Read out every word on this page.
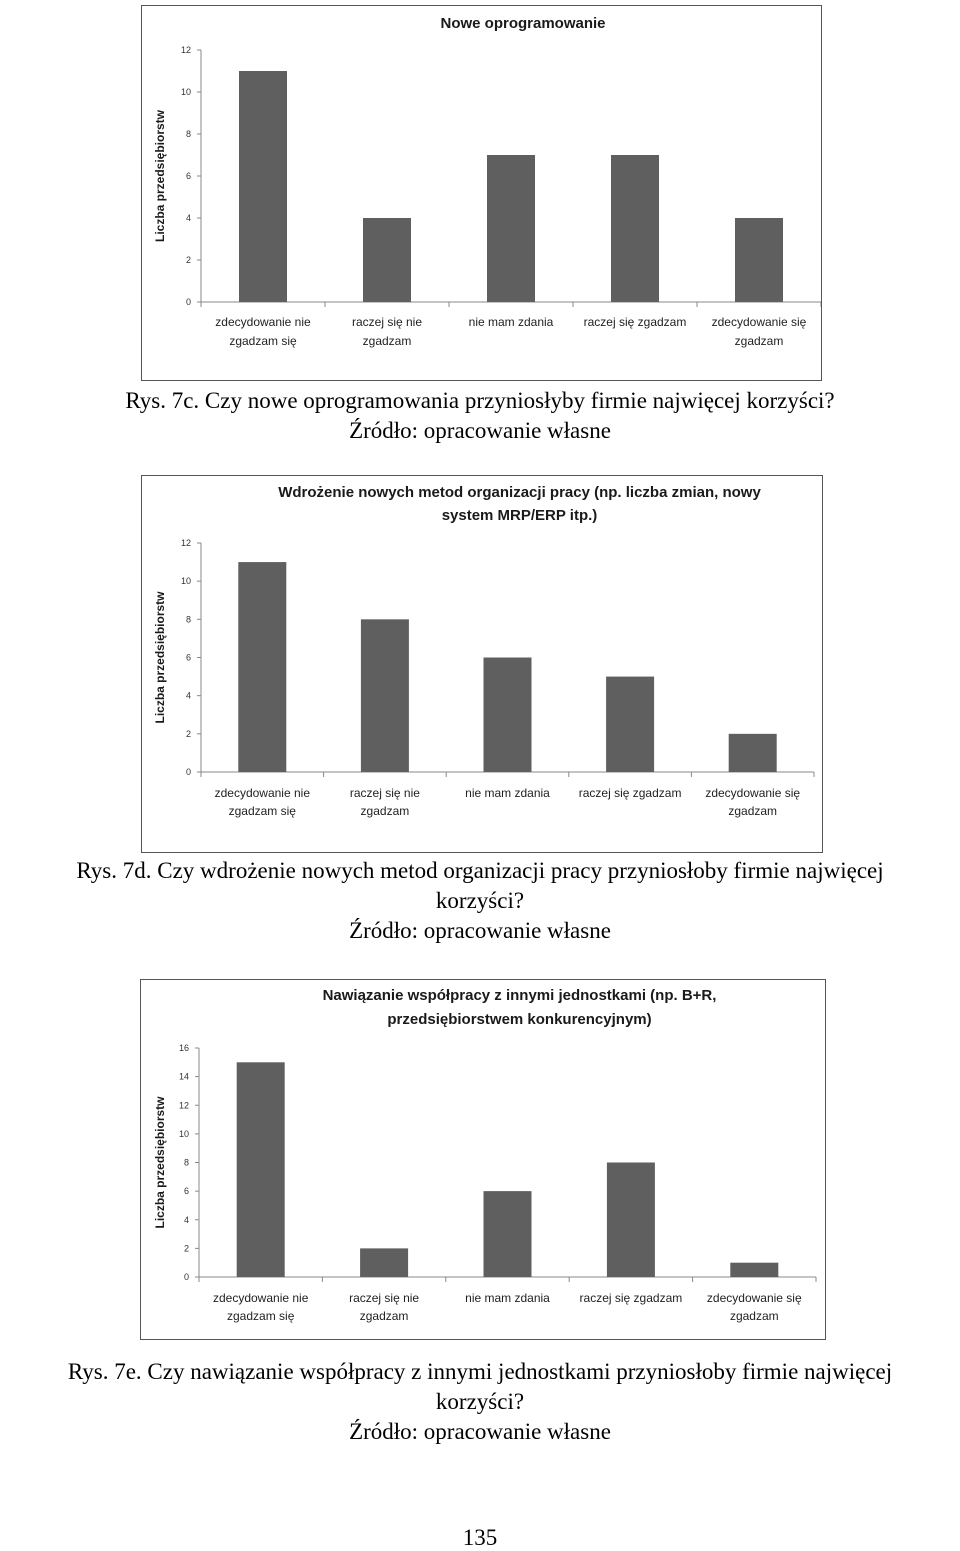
Nowe oprogramowanie
Liczba przedsiębiorstw
0
2
4
6
8
10
12
zdecydowanie nie
zgadzam się
raczej się nie
zgadzam
nie mam zdania	raczej się zgadzam zdecydowanie się
zgadzam
Rys. 7c. Czy nowe oprogramowania przyniosłyby firmie najwięcej korzyści?
Źródło: opracowanie własne
Wdrożenie nowych metod organizacji pracy (np. liczba zmian, nowy
system MRP/ERP itp.)
Liczba przedsiębiorstw
0
2
4
6
8
10
12
zdecydowanie nie
zgadzam się
raczej się nie
zgadzam
nie mam zdania raczej się zgadzam zdecydowanie się
zgadzam
Rys. 7d. Czy wdrożenie nowych metod organizacji pracy przyniosłoby firmie najwięcej
korzyści?
Źródło: opracowanie własne
Nawiązanie współpracy z innymi jednostkami (np. B+R,
przedsiębiorstwem konkurencyjnym)
Liczba przedsiębiorstw
0
2
4
6
8
10
12
14
16
zdecydowanie nie
zgadzam się
raczej się nie
zgadzam
nie mam zdania raczej się zgadzam zdecydowanie się
zgadzam
Rys. 7e. Czy nawiązanie współpracy z innymi jednostkami przyniosłoby firmie najwięcej
korzyści?
Źródło: opracowanie własne
135
